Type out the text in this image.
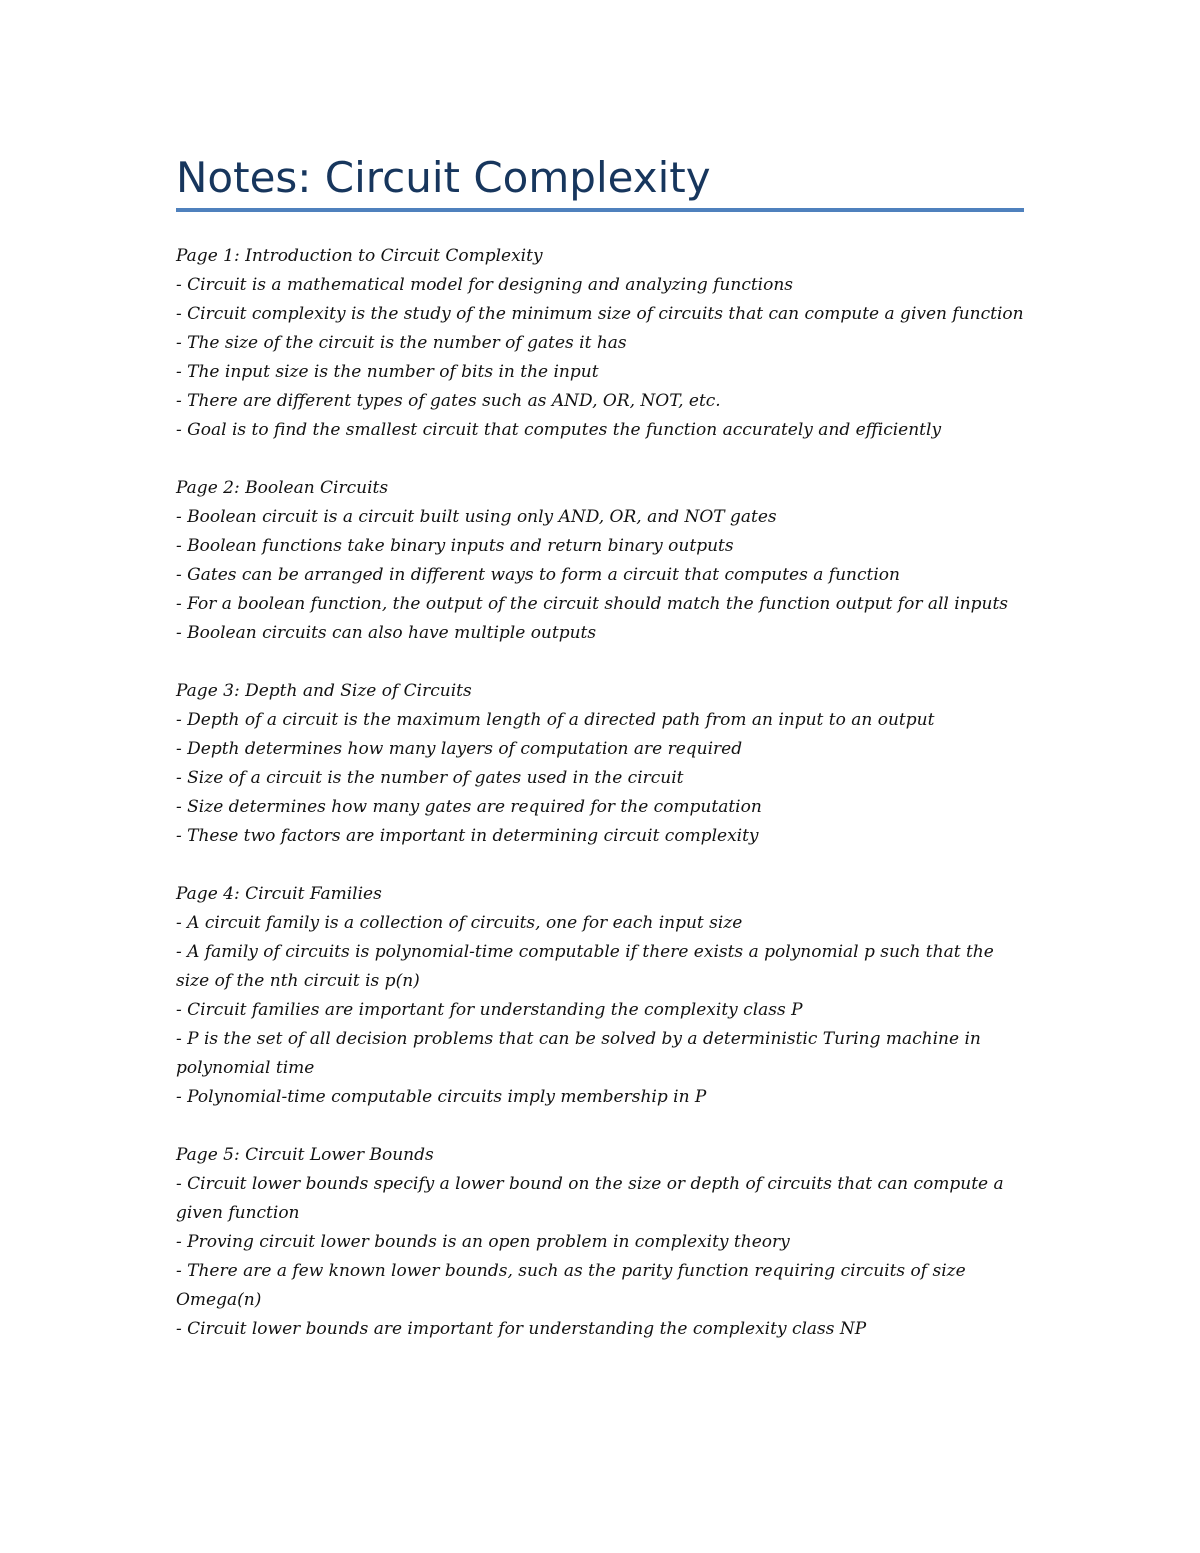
Notes: Circuit Complexity

Page 1: Introduction to Circuit Complexity

- Circuit is a mathematical model for designing and analyzing functions

- Circuit complexity is the study of the minimum size of circuits that can compute a given function

- The size of the circuit is the number of gates it has

- The input size is the number of bits in the input

- There are different types of gates such as AND, OR, NOT, etc.

- Goal is to find the smallest circuit that computes the function accurately and efficiently

Page 2: Boolean Circuits

- Boolean circuit is a circuit built using only AND, OR, and NOT gates

- Boolean functions take binary inputs and return binary outputs

- Gates can be arranged in different ways to form a circuit that computes a function

- For a boolean function, the output of the circuit should match the function output for all inputs

- Boolean circuits can also have multiple outputs

Page 3: Depth and Size of Circuits

- Depth of a circuit is the maximum length of a directed path from an input to an output

- Depth determines how many layers of computation are required

- Size of a circuit is the number of gates used in the circuit

- Size determines how many gates are required for the computation

- These two factors are important in determining circuit complexity

Page 4: Circuit Families

- A circuit family is a collection of circuits, one for each input size

- A family of circuits is polynomial-time computable if there exists a polynomial p such that the size of the nth circuit is p(n)

- Circuit families are important for understanding the complexity class P

- P is the set of all decision problems that can be solved by a deterministic Turing machine in polynomial time

- Polynomial-time computable circuits imply membership in P

Page 5: Circuit Lower Bounds

- Circuit lower bounds specify a lower bound on the size or depth of circuits that can compute a given function

- Proving circuit lower bounds is an open problem in complexity theory

- There are a few known lower bounds, such as the parity function requiring circuits of size Omega(n)

- Circuit lower bounds are important for understanding the complexity class NP
